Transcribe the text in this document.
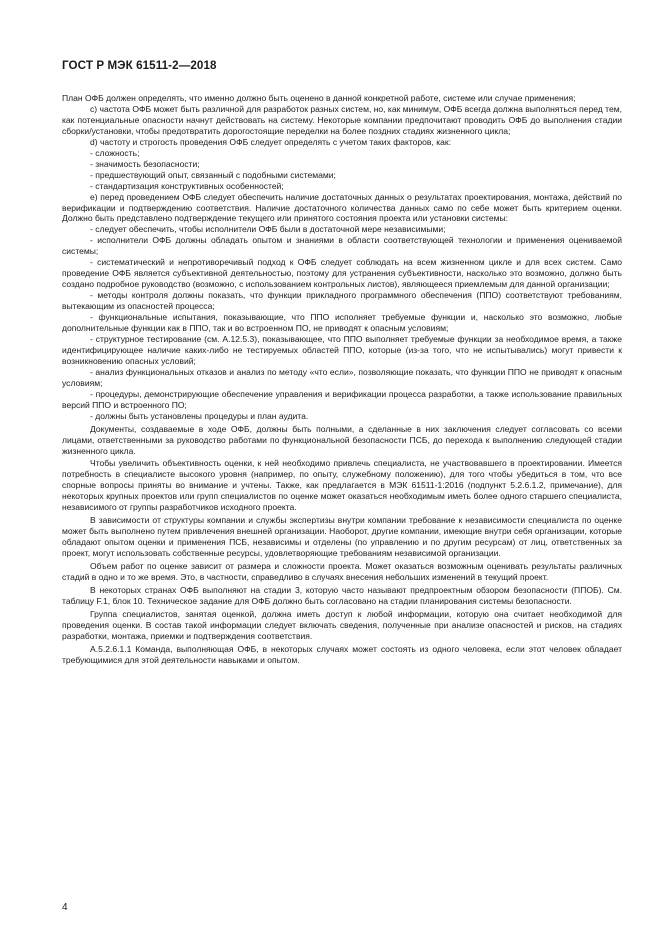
ГОСТ Р МЭК 61511-2—2018

План ОФБ должен определять, что именно должно быть оценено в данной конкретной работе, системе или случае применения;

с) частота ОФБ может быть различной для разработок разных систем, но, как минимум, ОФБ всегда должна выполняться перед тем, как потенциальные опасности начнут действовать на систему. Некоторые компании предпочитают проводить ОФБ до выполнения стадии сборки/установки, чтобы предотвратить дорогостоящие переделки на более поздних стадиях жизненного цикла;

d) частоту и строгость проведения ОФБ следует определять с учетом таких факторов, как:

- сложность;

- значимость безопасности;

- предшествующий опыт, связанный с подобными системами;

- стандартизация конструктивных особенностей;

е) перед проведением ОФБ следует обеспечить наличие достаточных данных о результатах проектирования, монтажа, действий по верификации и подтверждению соответствия. Наличие достаточного количества данных само по себе может быть критерием оценки. Должно быть представлено подтверждение текущего или принятого состояния проекта или установки системы:

- следует обеспечить, чтобы исполнители ОФБ были в достаточной мере независимыми;

- исполнители ОФБ должны обладать опытом и знаниями в области соответствующей технологии и применения оцениваемой системы;

- систематический и непротиворечивый подход к ОФБ следует соблюдать на всем жизненном цикле и для всех систем. Само проведение ОФБ является субъективной деятельностью, поэтому для устранения субъективности, насколько это возможно, должно быть создано подробное руководство (возможно, с использованием контрольных листов), являющееся приемлемым для данной организации;

- методы контроля должны показать, что функции прикладного программного обеспечения (ППО) соответствуют требованиям, вытекающим из опасностей процесса;

- функциональные испытания, показывающие, что ППО исполняет требуемые функции и, насколько это возможно, любые дополнительные функции как в ППО, так и во встроенном ПО, не приводят к опасным условиям;

- структурное тестирование (см. А.12.5.3), показывающее, что ППО выполняет требуемые функции за необходимое время, а также идентифицирующее наличие каких-либо не тестируемых областей ППО, которые (из-за того, что не испытывались) могут привести к возникновению опасных условий;

- анализ функциональных отказов и анализ по методу «что если», позволяющие показать, что функции ППО не приводят к опасным условиям;

- процедуры, демонстрирующие обеспечение управления и верификации процесса разработки, а также использование правильных версий ППО и встроенного ПО;

- должны быть установлены процедуры и план аудита.

Документы, создаваемые в ходе ОФБ, должны быть полными, а сделанные в них заключения следует согласовать со всеми лицами, ответственными за руководство работами по функциональной безопасности ПСБ, до перехода к выполнению следующей стадии жизненного цикла.

Чтобы увеличить объективность оценки, к ней необходимо привлечь специалиста, не участвовавшего в проектировании. Имеется потребность в специалисте высокого уровня (например, по опыту, служебному положению), для того чтобы убедиться в том, что все спорные вопросы приняты во внимание и учтены. Также, как предлагается в МЭК 61511-1:2016 (подпункт 5.2.6.1.2, примечание), для некоторых крупных проектов или групп специалистов по оценке может оказаться необходимым иметь более одного старшего специалиста, независимого от группы разработчиков исходного проекта.

В зависимости от структуры компании и службы экспертизы внутри компании требование к независимости специалиста по оценке может быть выполнено путем привлечения внешней организации. Наоборот, другие компании, имеющие внутри себя организации, которые обладают опытом оценки и применения ПСБ, независимы и отделены (по управлению и по другим ресурсам) от лиц, ответственных за проект, могут использовать собственные ресурсы, удовлетворяющие требованиям независимой организации.

Объем работ по оценке зависит от размера и сложности проекта. Может оказаться возможным оценивать результаты различных стадий в одно и то же время. Это, в частности, справедливо в случаях внесения небольших изменений в текущий проект.

В некоторых странах ОФБ выполняют на стадии 3, которую часто называют предпроектным обзором безопасности (ППОБ). См. таблицу F.1, блок 10. Техническое задание для ОФБ должно быть согласовано на стадии планирования системы безопасности.

Группа специалистов, занятая оценкой, должна иметь доступ к любой информации, которую она считает необходимой для проведения оценки. В состав такой информации следует включать сведения, полученные при анализе опасностей и рисков, на стадиях разработки, монтажа, приемки и подтверждения соответствия.

А.5.2.6.1.1 Команда, выполняющая ОФБ, в некоторых случаях может состоять из одного человека, если этот человек обладает требующимися для этой деятельности навыками и опытом.

4
